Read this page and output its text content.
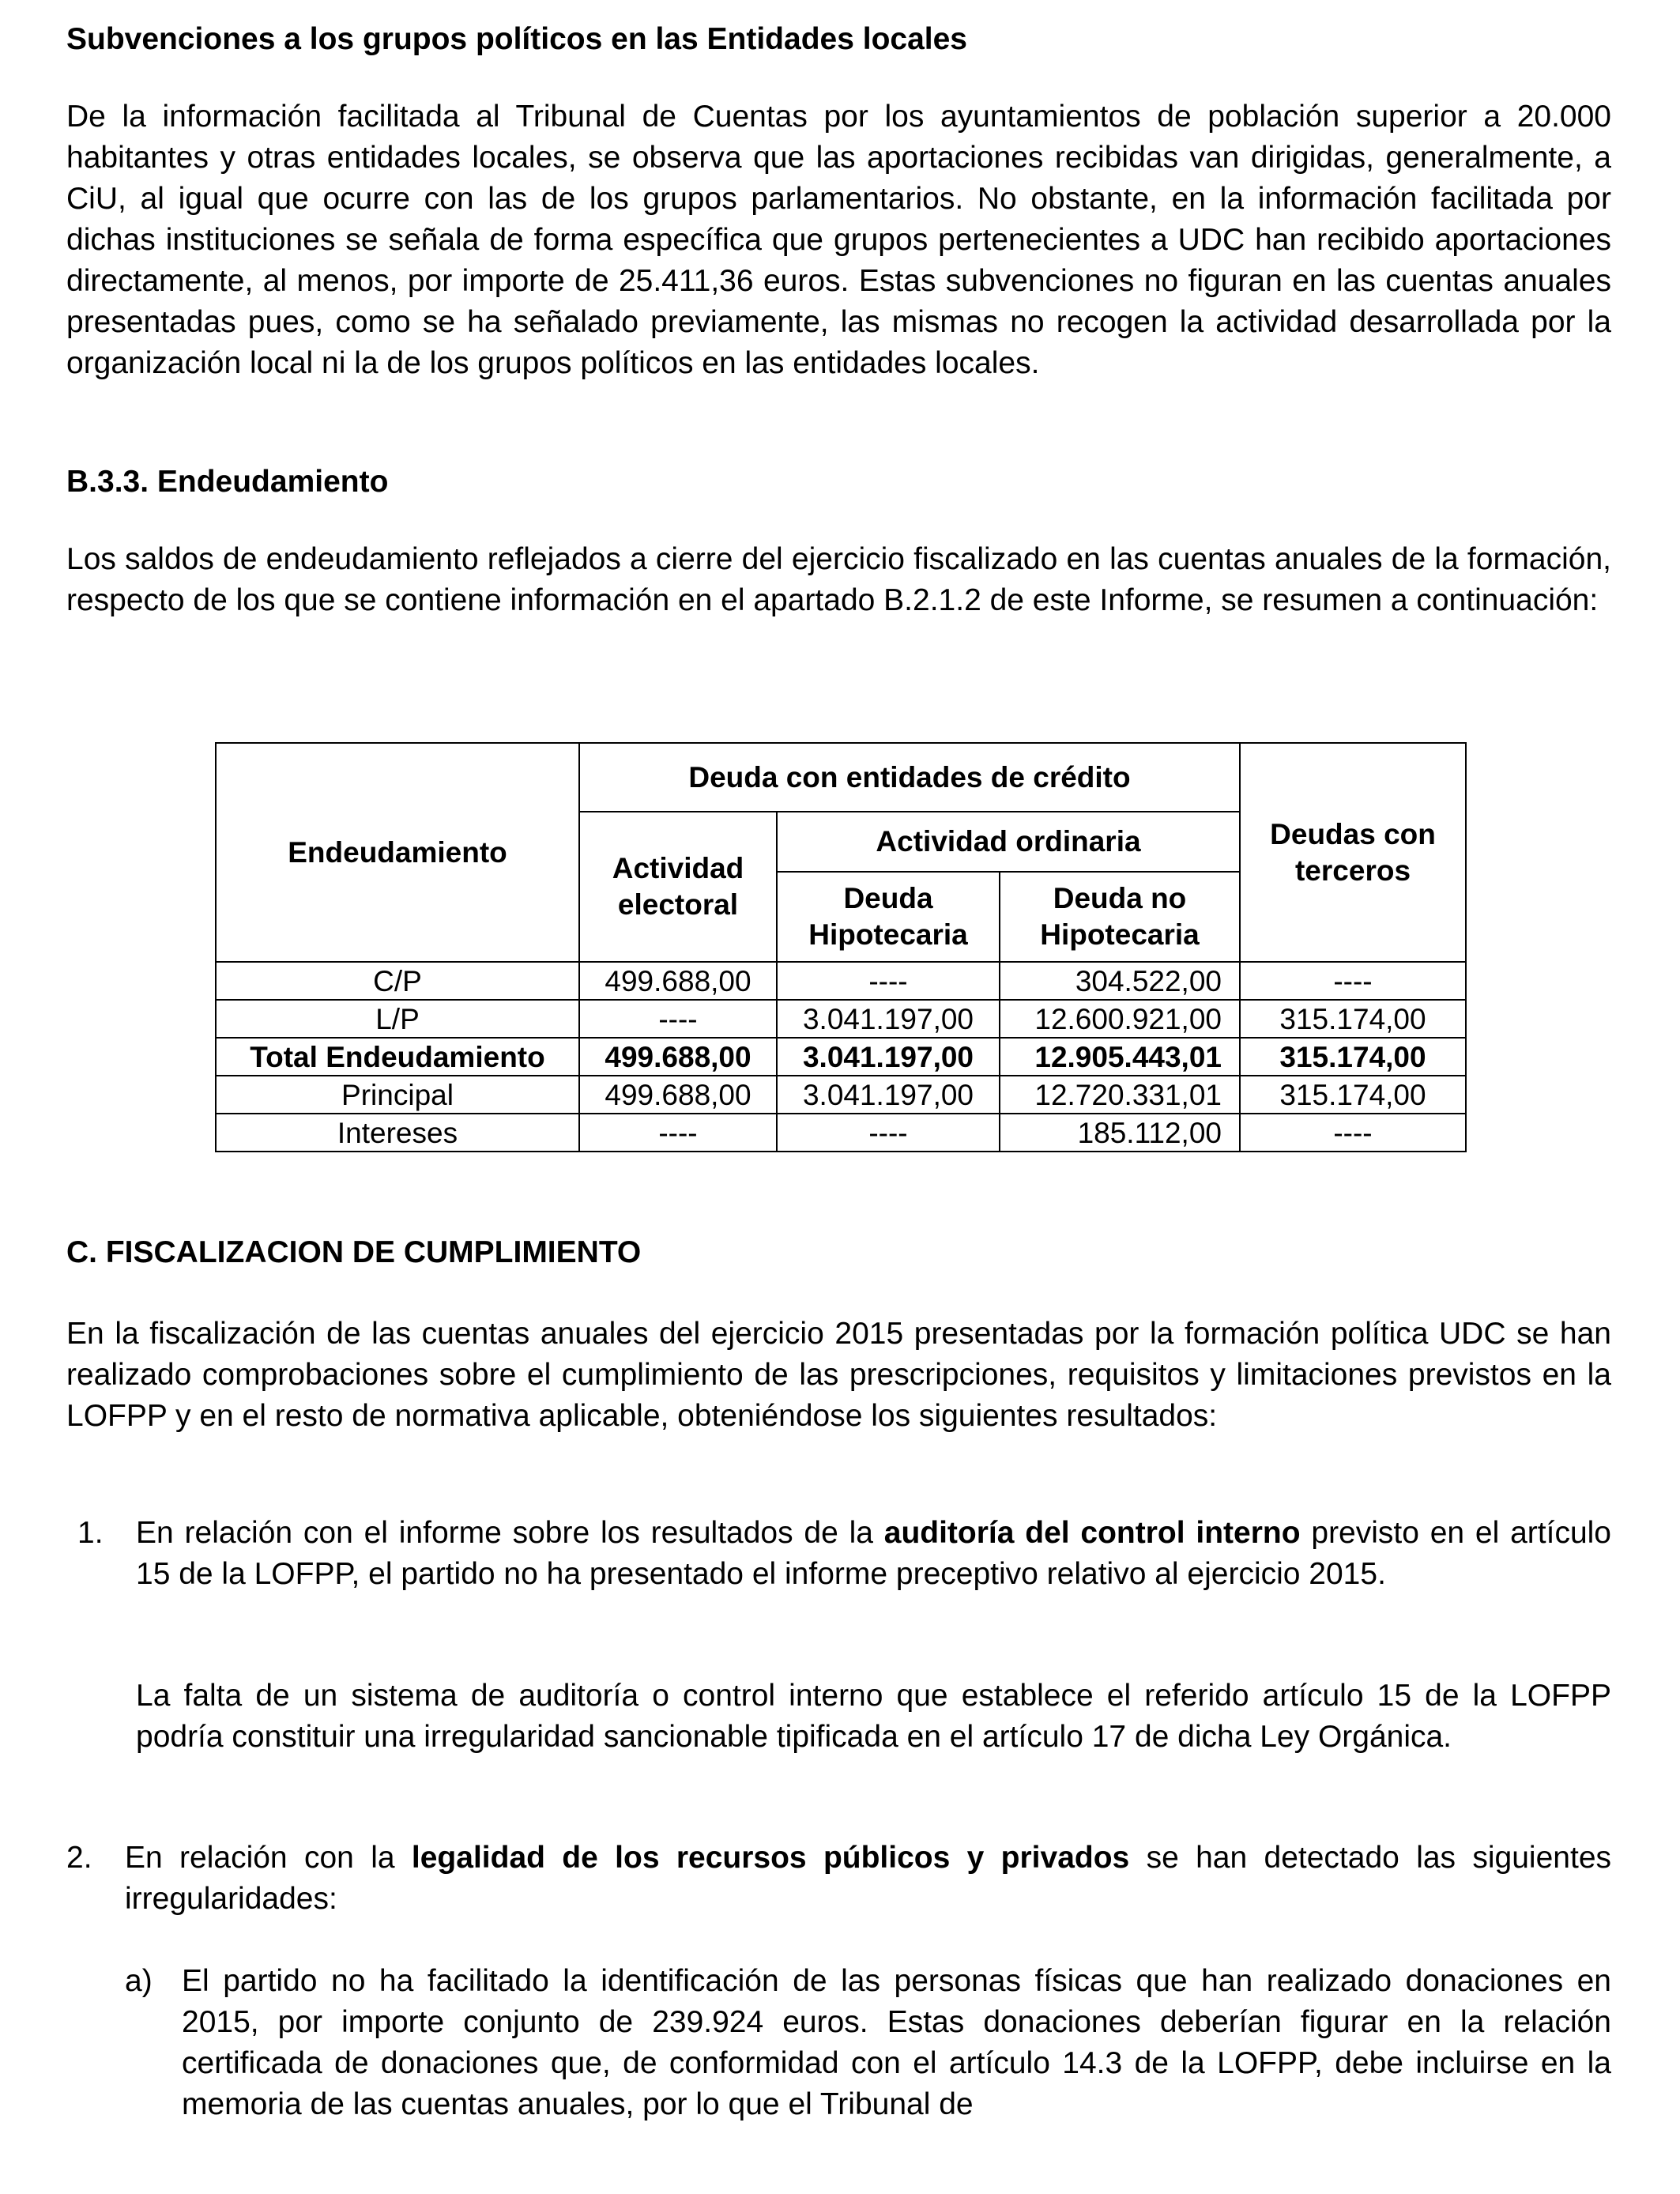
Subvenciones a los grupos políticos en las Entidades locales
De la información facilitada al Tribunal de Cuentas por los ayuntamientos de población superior a 20.000 habitantes y otras entidades locales, se observa que las aportaciones recibidas van dirigidas, generalmente, a CiU, al igual que ocurre con las de los grupos parlamentarios. No obstante, en la información facilitada por dichas instituciones se señala de forma específica que grupos pertenecientes a UDC han recibido aportaciones directamente, al menos, por importe de 25.411,36 euros. Estas subvenciones no figuran en las cuentas anuales presentadas pues, como se ha señalado previamente, las mismas no recogen la actividad desarrollada por la organización local ni la de los grupos políticos en las entidades locales.
B.3.3. Endeudamiento
Los saldos de endeudamiento reflejados a cierre del ejercicio fiscalizado en las cuentas anuales de la formación, respecto de los que se contiene información en el apartado B.2.1.2 de este Informe, se resumen a continuación:
C. FISCALIZACION DE CUMPLIMIENTO
En la fiscalización de las cuentas anuales del ejercicio 2015 presentadas por la formación política UDC se han realizado comprobaciones sobre el cumplimiento de las prescripciones, requisitos y limitaciones previstos en la LOFPP y en el resto de normativa aplicable, obteniéndose los siguientes resultados:
1. En relación con el informe sobre los resultados de la auditoría del control interno previsto en el artículo 15 de la LOFPP, el partido no ha presentado el informe preceptivo relativo al ejercicio 2015.
La falta de un sistema de auditoría o control interno que establece el referido artículo 15 de la LOFPP podría constituir una irregularidad sancionable tipificada en el artículo 17 de dicha Ley Orgánica.
2. En relación con la legalidad de los recursos públicos y privados se han detectado las siguientes irregularidades:
a) El partido no ha facilitado la identificación de las personas físicas que han realizado donaciones en 2015, por importe conjunto de 239.924 euros. Estas donaciones deberían figurar en la relación certificada de donaciones que, de conformidad con el artículo 14.3 de la LOFPP, debe incluirse en la memoria de las cuentas anuales, por lo que el Tribunal de
Endeudamiento	Deuda con entidades de crédito			Deudas con terceros
	Actividad electoral	Actividad ordinaria		
		Deuda Hipotecaria	Deuda no Hipotecaria	
C/P	499.688,00	----	304.522,00	----
L/P	----	3.041.197,00	12.600.921,00	315.174,00
Total Endeudamiento	499.688,00	3.041.197,00	12.905.443,01	315.174,00
Principal	499.688,00	3.041.197,00	12.720.331,01	315.174,00
Intereses	----	----	185.112,00	----
